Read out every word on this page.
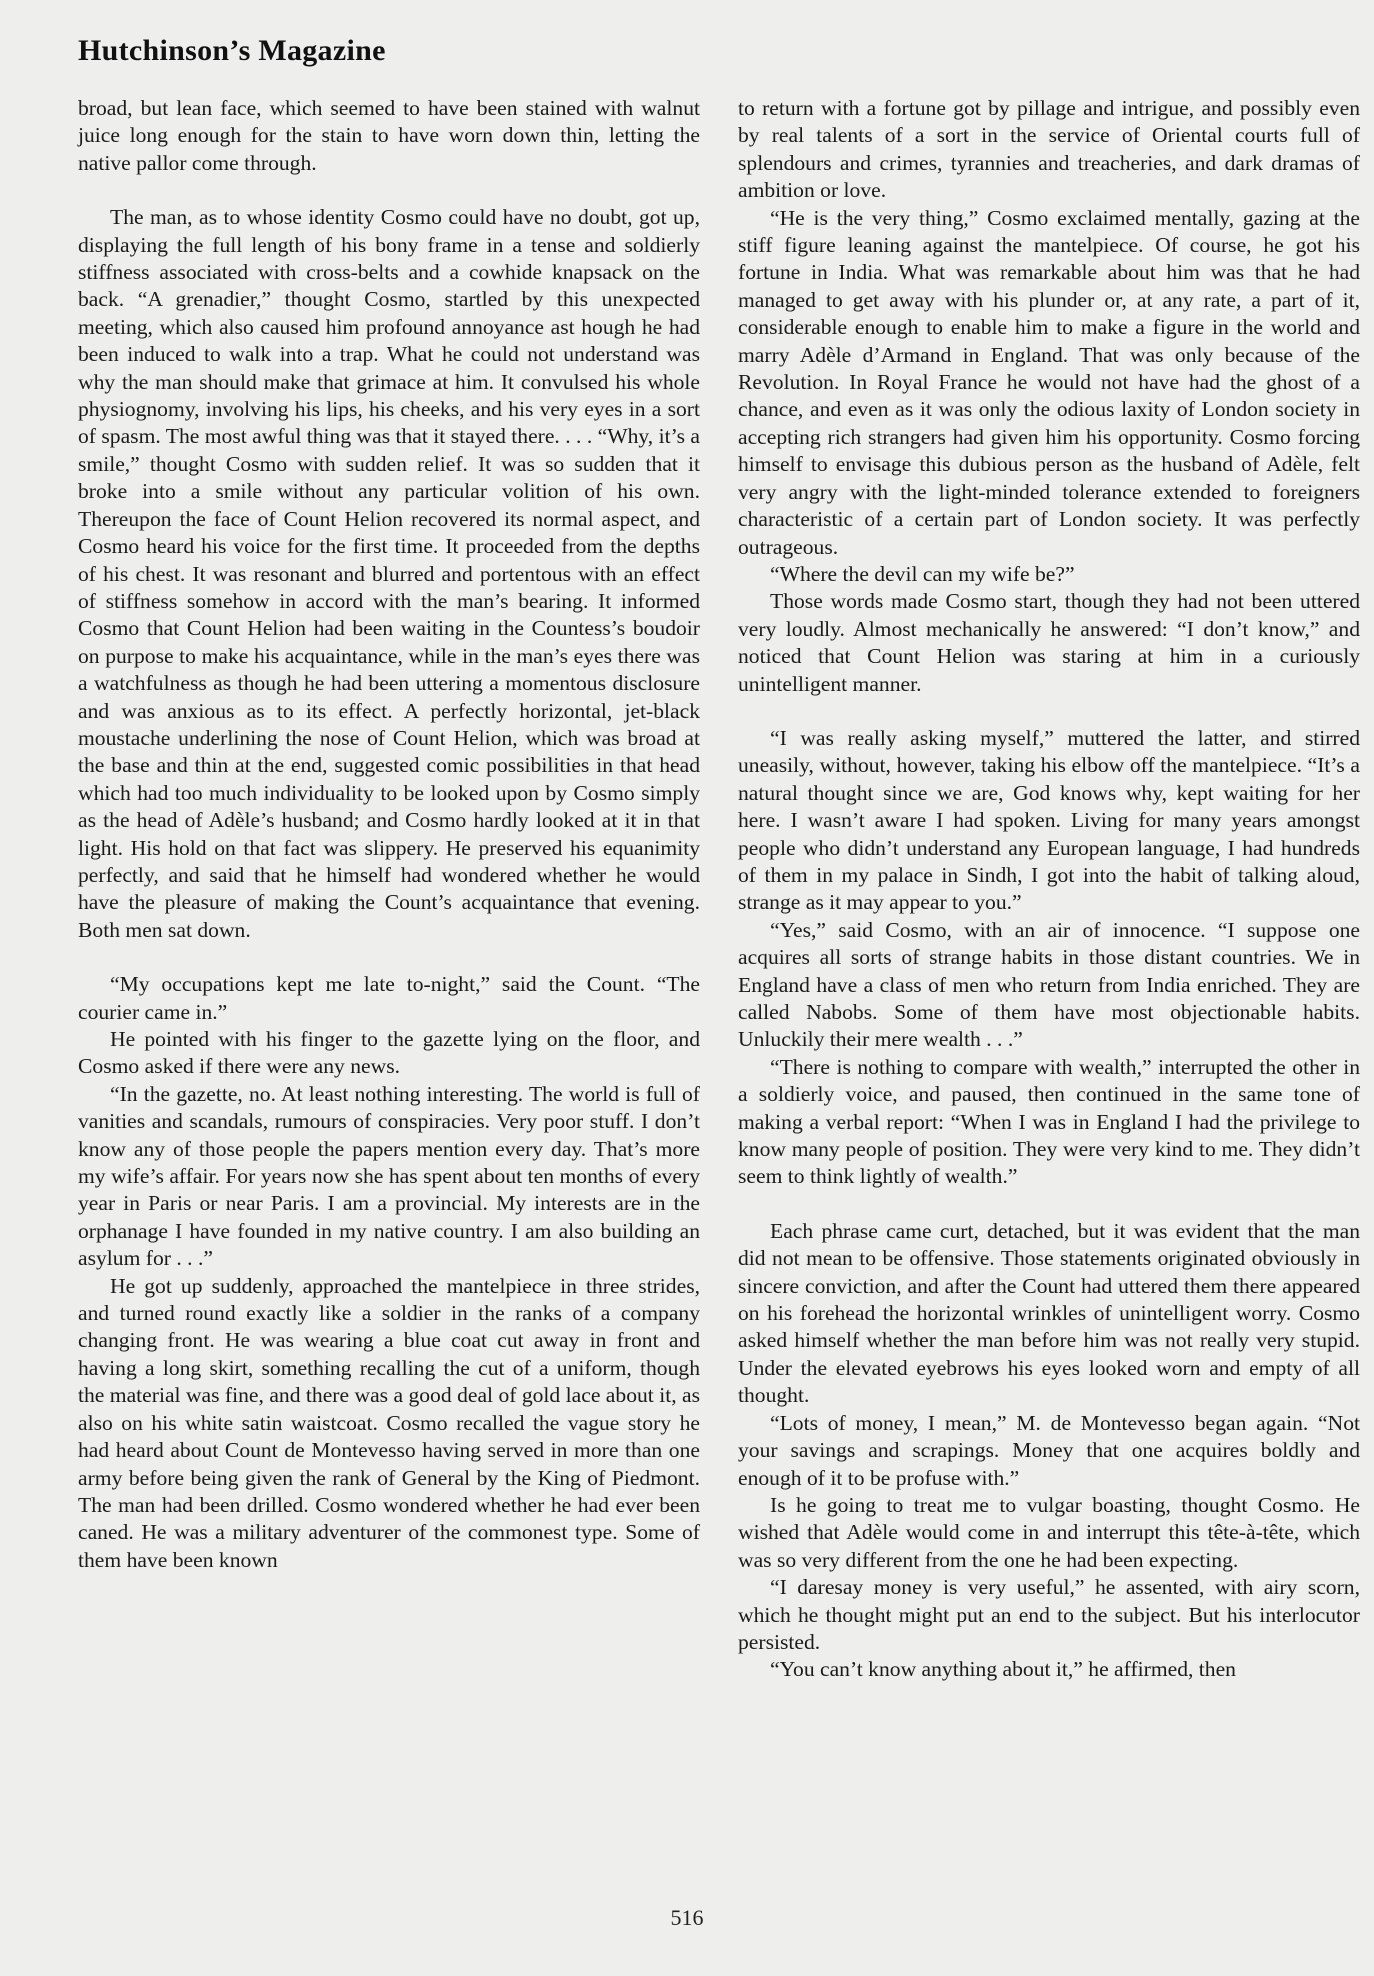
Hutchinson’s Magazine

broad, but lean face, which seemed to have been stained with walnut juice long enough for the stain to have worn down thin, letting the native pallor come through.

The man, as to whose identity Cosmo could have no doubt, got up, displaying the full length of his bony frame in a tense and soldierly stiffness associated with cross-belts and a cowhide knapsack on the back. “A grenadier,” thought Cosmo, startled by this unexpected meeting, which also caused him profound annoyance ast hough he had been induced to walk into a trap. What he could not understand was why the man should make that grimace at him. It convulsed his whole physiognomy, involving his lips, his cheeks, and his very eyes in a sort of spasm. The most awful thing was that it stayed there. . . . “Why, it’s a smile,” thought Cosmo with sudden relief. It was so sudden that it broke into a smile without any particular volition of his own. Thereupon the face of Count Helion recovered its normal aspect, and Cosmo heard his voice for the first time. It proceeded from the depths of his chest. It was resonant and blurred and portentous with an effect of stiffness somehow in accord with the man’s bearing. It informed Cosmo that Count Helion had been waiting in the Countess’s boudoir on purpose to make his acquaintance, while in the man’s eyes there was a watchfulness as though he had been uttering a momentous disclosure and was anxious as to its effect. A perfectly horizontal, jet-black moustache underlining the nose of Count Helion, which was broad at the base and thin at the end, suggested comic possibilities in that head which had too much individuality to be looked upon by Cosmo simply as the head of Adèle’s husband; and Cosmo hardly looked at it in that light. His hold on that fact was slippery. He preserved his equanimity perfectly, and said that he himself had wondered whether he would have the pleasure of making the Count’s acquaintance that evening. Both men sat down.

“My occupations kept me late to-night,” said the Count. “The courier came in.”

He pointed with his finger to the gazette lying on the floor, and Cosmo asked if there were any news.

“In the gazette, no. At least nothing interesting. The world is full of vanities and scandals, rumours of conspiracies. Very poor stuff. I don’t know any of those people the papers mention every day. That’s more my wife’s affair. For years now she has spent about ten months of every year in Paris or near Paris. I am a provincial. My interests are in the orphanage I have founded in my native country. I am also building an asylum for . . .”

He got up suddenly, approached the mantelpiece in three strides, and turned round exactly like a soldier in the ranks of a company changing front. He was wearing a blue coat cut away in front and having a long skirt, something recalling the cut of a uniform, though the material was fine, and there was a good deal of gold lace about it, as also on his white satin waistcoat. Cosmo recalled the vague story he had heard about Count de Montevesso having served in more than one army before being given the rank of General by the King of Piedmont. The man had been drilled. Cosmo wondered whether he had ever been caned. He was a military adventurer of the commonest type. Some of them have been known

to return with a fortune got by pillage and intrigue, and possibly even by real talents of a sort in the service of Oriental courts full of splendours and crimes, tyrannies and treacheries, and dark dramas of ambition or love.

“He is the very thing,” Cosmo exclaimed mentally, gazing at the stiff figure leaning against the mantelpiece. Of course, he got his fortune in India. What was remarkable about him was that he had managed to get away with his plunder or, at any rate, a part of it, considerable enough to enable him to make a figure in the world and marry Adèle d’Armand in England. That was only because of the Revolution. In Royal France he would not have had the ghost of a chance, and even as it was only the odious laxity of London society in accepting rich strangers had given him his opportunity. Cosmo forcing himself to envisage this dubious person as the husband of Adèle, felt very angry with the light-minded tolerance extended to foreigners characteristic of a certain part of London society. It was perfectly outrageous.

“Where the devil can my wife be?”

Those words made Cosmo start, though they had not been uttered very loudly. Almost mechanically he answered: “I don’t know,” and noticed that Count Helion was staring at him in a curiously unintelligent manner.

“I was really asking myself,” muttered the latter, and stirred uneasily, without, however, taking his elbow off the mantelpiece. “It’s a natural thought since we are, God knows why, kept waiting for her here. I wasn’t aware I had spoken. Living for many years amongst people who didn’t understand any European language, I had hundreds of them in my palace in Sindh, I got into the habit of talking aloud, strange as it may appear to you.”

“Yes,” said Cosmo, with an air of innocence. “I suppose one acquires all sorts of strange habits in those distant countries. We in England have a class of men who return from India enriched. They are called Nabobs. Some of them have most objectionable habits. Unluckily their mere wealth . . .”

“There is nothing to compare with wealth,” interrupted the other in a soldierly voice, and paused, then continued in the same tone of making a verbal report: “When I was in England I had the privilege to know many people of position. They were very kind to me. They didn’t seem to think lightly of wealth.”

Each phrase came curt, detached, but it was evident that the man did not mean to be offensive. Those statements originated obviously in sincere conviction, and after the Count had uttered them there appeared on his forehead the horizontal wrinkles of unintelligent worry. Cosmo asked himself whether the man before him was not really very stupid. Under the elevated eyebrows his eyes looked worn and empty of all thought.

“Lots of money, I mean,” M. de Montevesso began again. “Not your savings and scrapings. Money that one acquires boldly and enough of it to be profuse with.”

Is he going to treat me to vulgar boasting, thought Cosmo. He wished that Adèle would come in and interrupt this tête-à-tête, which was so very different from the one he had been expecting.

“I daresay money is very useful,” he assented, with airy scorn, which he thought might put an end to the subject. But his interlocutor persisted.

“You can’t know anything about it,” he affirmed, then

516
